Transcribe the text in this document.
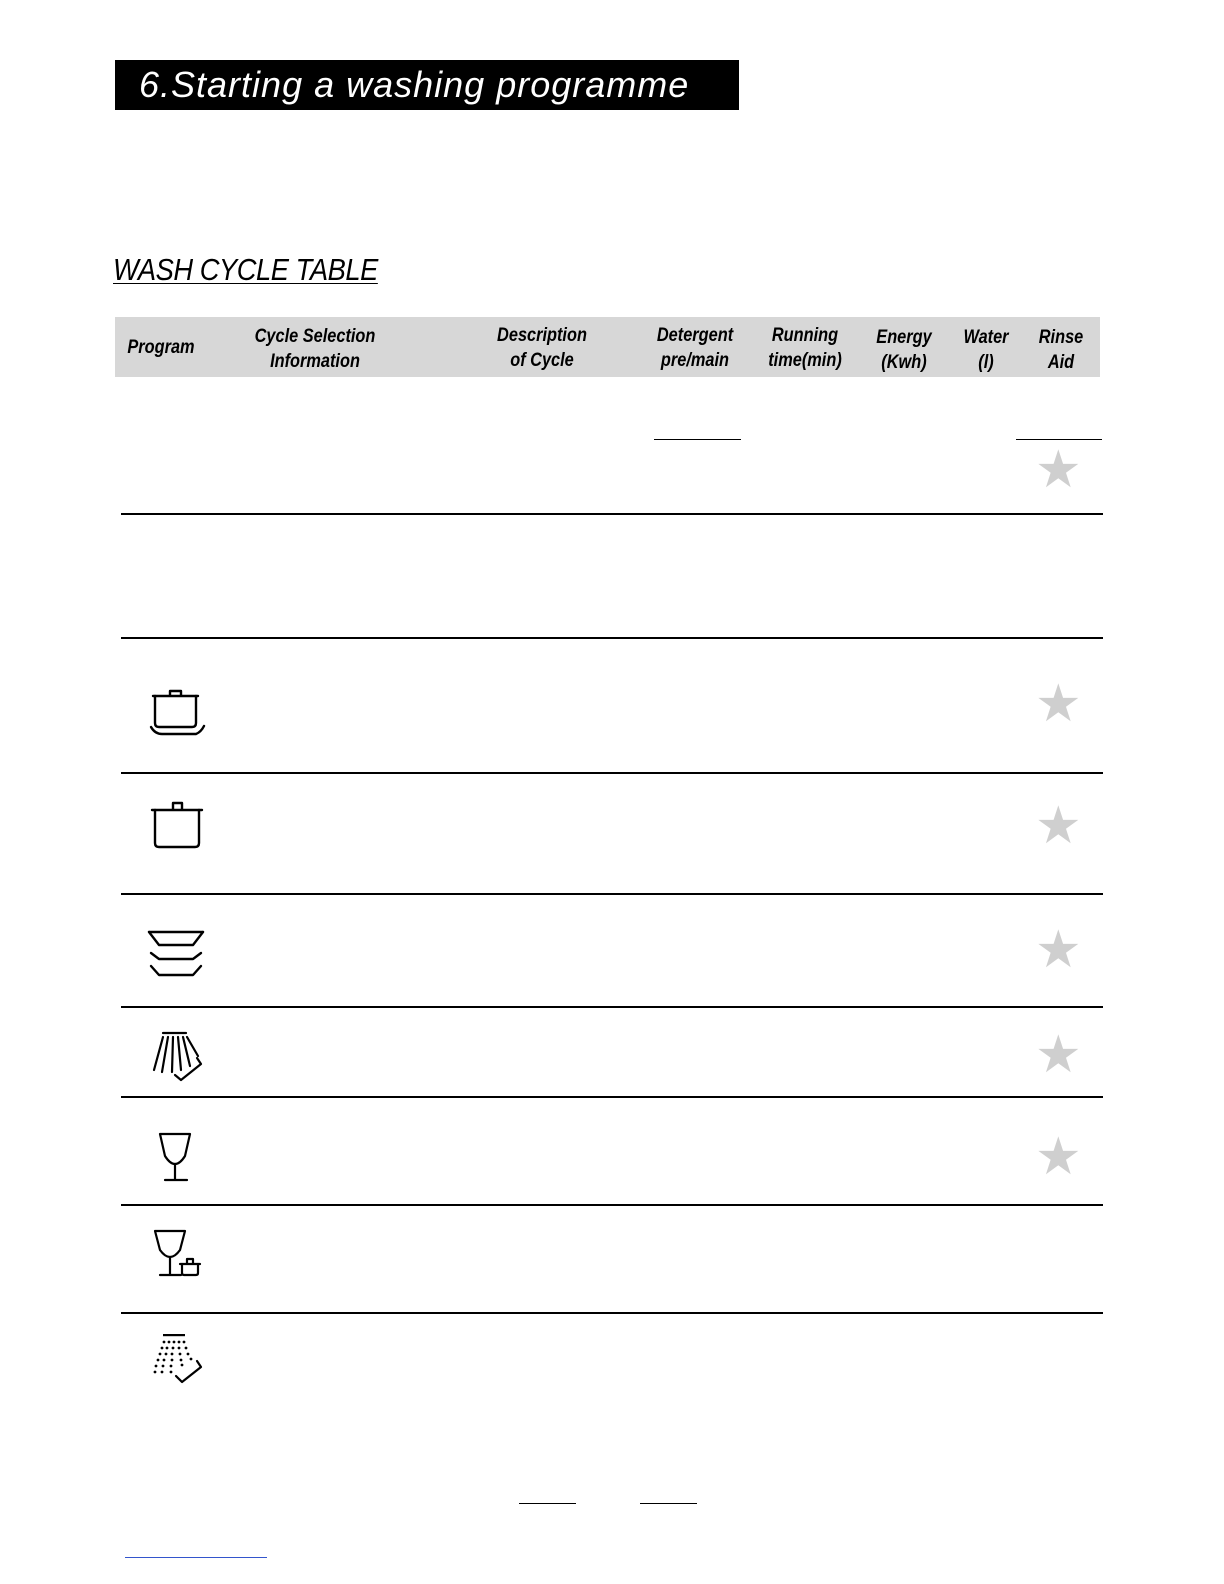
6.Starting a washing programme
WASH CYCLE TABLE
Program
Cycle Selection
Information
Description
of Cycle
Detergent
pre/main
Running
time(min)
Energy
(Kwh)
Water
(l)
Rinse
Aid
★
★
★
★
★
★
